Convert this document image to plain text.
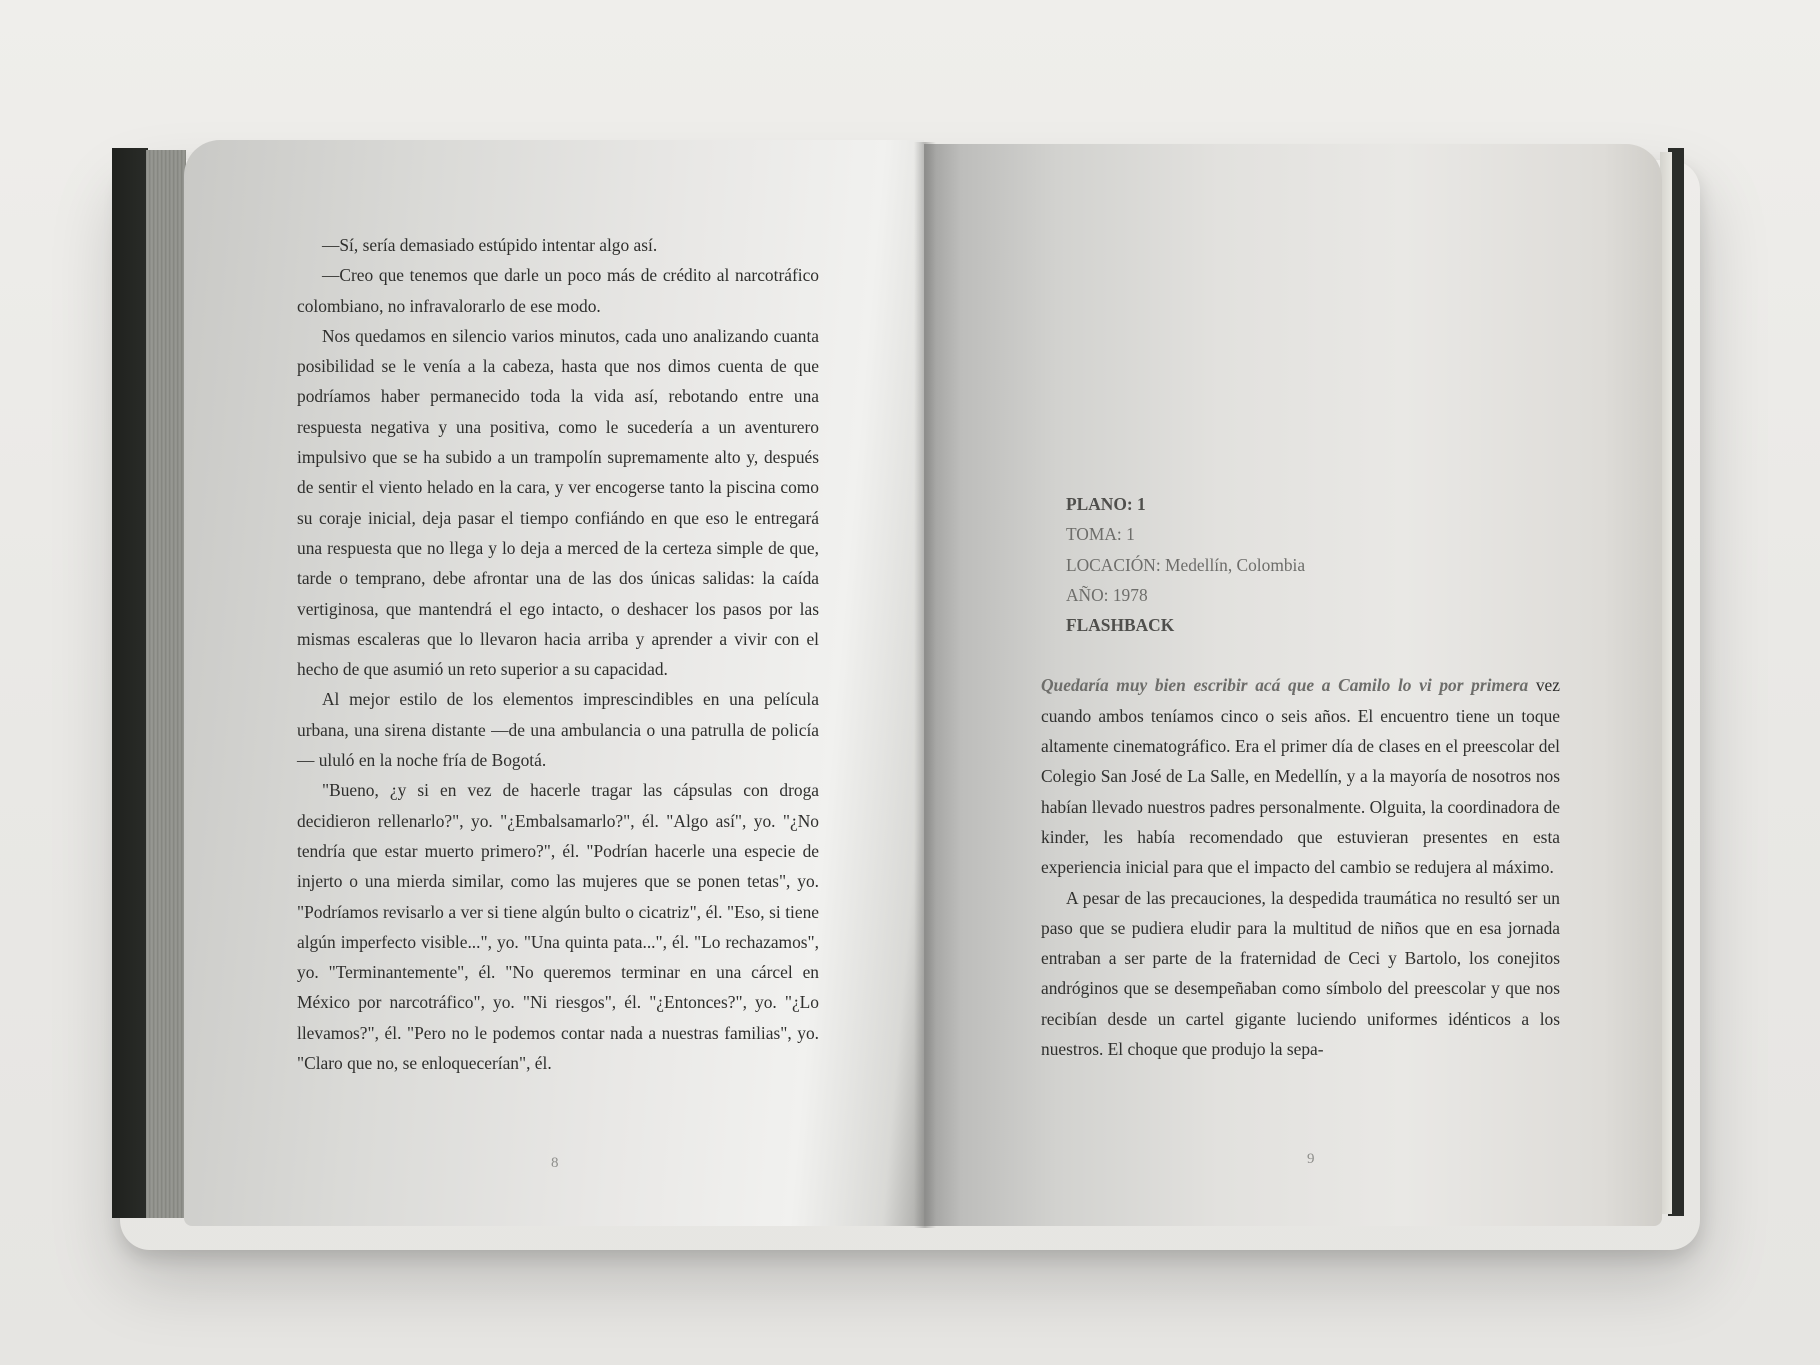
—Sí, sería demasiado estúpido intentar algo así.

—Creo que tenemos que darle un poco más de crédito al narcotráfico colombiano, no infravalorarlo de ese modo.

Nos quedamos en silencio varios minutos, cada uno analizando cuanta posibilidad se le venía a la cabeza, hasta que nos dimos cuenta de que podríamos haber permanecido toda la vida así, rebotando entre una respuesta negativa y una positiva, como le sucedería a un aventurero impulsivo que se ha subido a un trampolín supremamente alto y, después de sentir el viento helado en la cara, y ver encogerse tanto la piscina como su coraje inicial, deja pasar el tiempo confiándo en que eso le entregará una respuesta que no llega y lo deja a merced de la certeza simple de que, tarde o temprano, debe afrontar una de las dos únicas salidas: la caída vertiginosa, que mantendrá el ego intacto, o deshacer los pasos por las mismas escaleras que lo llevaron hacia arriba y aprender a vivir con el hecho de que asumió un reto superior a su capacidad.

Al mejor estilo de los elementos imprescindibles en una película urbana, una sirena distante —de una ambulancia o una patrulla de policía— ululó en la noche fría de Bogotá.

"Bueno, ¿y si en vez de hacerle tragar las cápsulas con droga decidieron rellenarlo?", yo. "¿Embalsamarlo?", él. "Algo así", yo. "¿No tendría que estar muerto primero?", él. "Podrían hacerle una especie de injerto o una mierda similar, como las mujeres que se ponen tetas", yo. "Podríamos revisarlo a ver si tiene algún bulto o cicatriz", él. "Eso, si tiene algún imperfecto visible...", yo. "Una quinta pata...", él. "Lo rechazamos", yo. "Terminantemente", él. "No queremos terminar en una cárcel en México por narcotráfico", yo. "Ni riesgos", él. "¿Entonces?", yo. "¿Lo llevamos?", él. "Pero no le podemos contar nada a nuestras familias", yo. "Claro que no, se enloquecerían", él.

8

PLANO: 1

TOMA: 1

LOCACIÓN: Medellín, Colombia

AÑO: 1978

FLASHBACK

Quedaría muy bien escribir acá que a Camilo lo vi por primera vez cuando ambos teníamos cinco o seis años. El encuentro tiene un toque altamente cinematográfico. Era el primer día de clases en el preescolar del Colegio San José de La Salle, en Medellín, y a la mayoría de nosotros nos habían llevado nuestros padres personalmente. Olguita, la coordinadora de kinder, les había recomendado que estuvieran presentes en esta experiencia inicial para que el impacto del cambio se redujera al máximo.

A pesar de las precauciones, la despedida traumática no resultó ser un paso que se pudiera eludir para la multitud de niños que en esa jornada entraban a ser parte de la fraternidad de Ceci y Bartolo, los conejitos andróginos que se desempeñaban como símbolo del preescolar y que nos recibían desde un cartel gigante luciendo uniformes idénticos a los nuestros. El choque que produjo la sepa-

9
